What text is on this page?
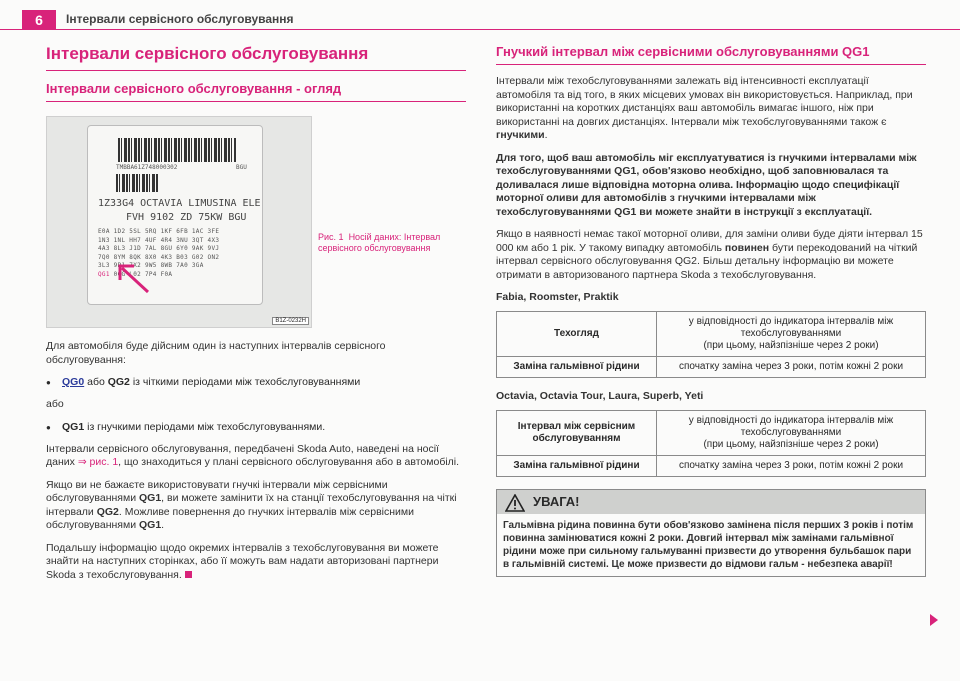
6	Інтервали сервісного обслуговування
Інтервали сервісного обслуговування
Інтервали сервісного обслуговування - огляд
TMBBA61Z748000302	BGU
1Z33G4 OCTAVIA LIMUSINA ELE
FVH 9102 ZD 75KW BGU
E0A 1D2 5SL 5RQ 1KF 6FB 1AC 3FE
1N3 1NL HH7 4UF 4R4 3NU 3QT 4X3
4A3 8L3 J1D 7AL 8GU 6Y0 9AK 9VJ
7Q0 8YM 8QK 8X0 4K3 B03 G02 ON2
3L3 9P1 7X2 9W5 8WB 7A0 3GA
QG1 0GG L02 7P4 F0A
B1Z-0232H
Рис. 1 Носій даних: Інтервал сервісного обслуговування

Для автомобіля буде дійсним один із наступних інтервалів сервісного обслуговування:

● QG0 або QG2 із чіткими періодами між техобслуговуваннями

або

● QG1 із гнучкими періодами між техобслуговуваннями.

Інтервали сервісного обслуговування, передбачені Skoda Auto, наведені на носії даних ⇒ рис. 1, що знаходиться у плані сервісного обслуговування або в автомобілі.

Якщо ви не бажаєте використовувати гнучкі інтервали між сервісними обслуговуваннями QG1, ви можете замінити їх на станції техобслуговування на чіткі інтервали QG2. Можливе повернення до гнучких інтервалів між сервісними обслуговуваннями QG1.

Подальшу інформацію щодо окремих інтервалів з техобслуговування ви можете знайти на наступних сторінках, або її можуть вам надати авторизовані партнери Skoda з техобслуговування.

Гнучкий інтервал між сервісними обслуговуваннями QG1

Інтервали між техобслуговуваннями залежать від інтенсивності експлуатації автомобіля та від того, в яких місцевих умовах він використовується. Наприклад, при використанні на коротких дистанціях ваш автомобіль вимагає іншого, ніж при використанні на довгих дистанціях. Інтервали між техобслуговуваннями також є гнучкими.

Для того, щоб ваш автомобіль міг експлуатуватися із гнучкими інтервалами між техобслуговуваннями QG1, обов'язково необхідно, щоб заповнювалася та доливалася лише відповідна моторна олива. Інформацію щодо специфікації моторної оливи для автомобілів з гнучкими інтервалами між техобслуговуваннями QG1 ви можете знайти в інструкції з експлуатації.

Якщо в наявності немає такої моторної оливи, для заміни оливи буде діяти інтервал 15 000 км або 1 рік. У такому випадку автомобіль повинен бути перекодований на чіткий інтервал сервісного обслуговування QG2. Більш детальну інформацію ви можете отримати в авторизованого партнера Skoda з техобслуговування.

Fabia, Roomster, Praktik
Техогляд	у відповідності до індикатора інтервалів між техобслуговуваннями
(при цьому, найзпізніше через 2 роки)
Заміна гальмівної рідини	спочатку заміна через 3 роки, потім кожні 2 роки
Octavia, Octavia Tour, Laura, Superb, Yeti
Інтервал між сервісним обслуговуванням	у відповідності до індикатора інтервалів між техобслуговуваннями
(при цьому, найзпізніше через 2 роки)
Заміна гальмівної рідини	спочатку заміна через 3 роки, потім кожні 2 роки
УВАГА!
Гальмівна рідина повинна бути обов'язково замінена після перших 3 років і потім повинна замінюватися кожні 2 роки. Довгий інтервал між замінами гальмівної рідини може при сильному гальмуванні призвести до утворення бульбашок пари в гальмівній системі. Це може призвести до відмови гальм - небезпека аварії!
